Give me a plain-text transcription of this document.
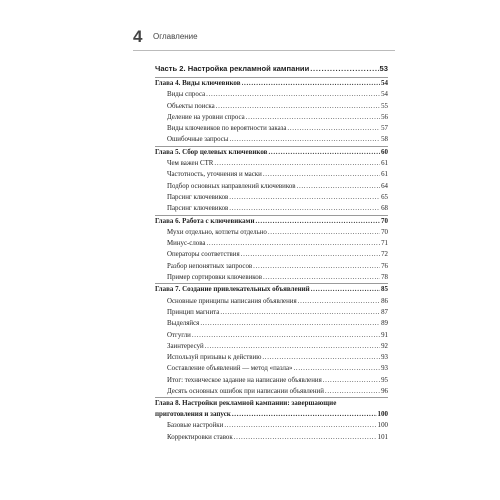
4 Оглавление
Часть 2. Настройка рекламной кампании .....	53
Глава 4. Виды ключевиков .....	54
Виды спроса .....	54
Объекты поиска .....	55
Деление на уровни спроса .....	56
Виды ключевиков по вероятности заказа .....	57
Ошибочные запросы .....	58
Глава 5. Сбор целевых ключевиков .....	60
Чем важен CTR .....	61
Частотность, уточнения и маски .....	61
Подбор основных направлений ключевиков .....	64
Парсинг ключевиков .....	65
Парсинг ключевиков .....	68
Глава 6. Работа с ключевиками .....	70
Мухи отдельно, котлеты отдельно .....	70
Минус-слова .....	71
Операторы соответствия .....	72
Разбор непонятных запросов .....	76
Пример сортировки ключевиков .....	78
Глава 7. Создание привлекательных объявлений .....	85
Основные принципы написания объявления .....	86
Принцип магнита .....	87
Выделяйся .....	89
Отгугли .....	91
Заинтересуй .....	92
Используй призывы к действию .....	93
Составление объявлений — метод «пазла» .....	93
Итог: техническое задание на написание объявления .....	95
Десять основных ошибок при написании объявлений .....	96
Глава 8. Настройки рекламной кампании: завершающие
приготовления и запуск .....	100
Базовые настройки .....	100
Корректировки ставок .....	101
